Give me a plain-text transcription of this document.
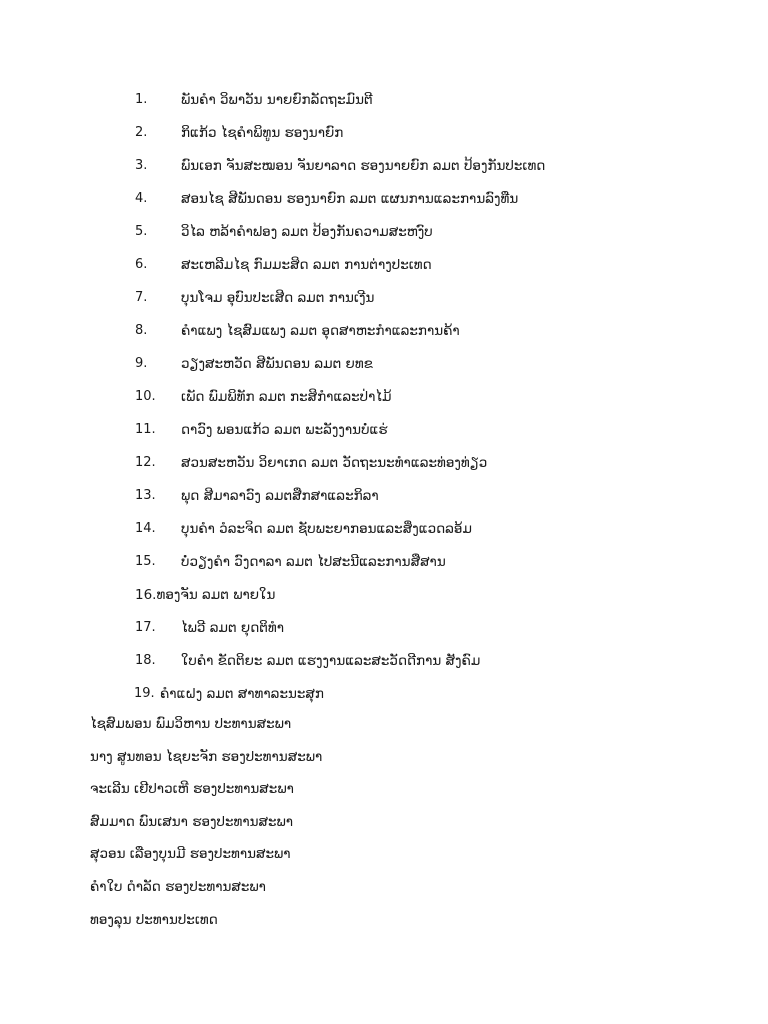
1. ພັນຄຳ ວິພາວັນ ນາຍຍົກລັດຖະມົນຕີ
2. ກິແກ້ວ ໄຊຄໍາພິທູນ ຮອງນາຍົກ
3. ພົນເອກ ຈັນສະໝອນ ຈັນຍາລາດ ຮອງນາຍຍົກ ລມຕ ປ້ອງກັນປະເທດ
4. ສອນໄຊ ສີພັນດອນ ຮອງນາຍົກ ລມຕ ແຜນການແລະການລົງທືນ
5. ວິໄລ ຫລ້າຄໍາຟອງ ລມຕ ປ້ອງກັນຄວາມສະຫງົບ
6. ສະເຫລີມໄຊ ກົມມະສິດ ລມຕ ການຕ່າງປະເທດ
7. ບຸນໂຈມ ອຸບົນປະເສີດ ລມຕ ການເງີນ
8. ຄໍາແພງ ໄຊສົມແພງ ລມຕ ອຸດສາຫະກໍາແລະການຄ້າ
9. ວຽງສະຫວັດ ສີພັນດອນ ລມຕ ຍທຂ
10. ເພັດ ພົມພິທັກ ລມຕ ກະສິກໍາແລະປ່າໄມ້
11. ດາວົງ ພອນແກ້ວ ລມຕ ພະລັງງານບໍ່ແຮ່
12. ສວນສະຫວັນ ວິຍາເກດ ລມຕ ວັດຖະນະທໍາແລະທ່ອງທ່ຽວ
13. ພຸດ ສີມາລາວົງ ລມຕສືກສາແລະກິລາ
14. ບຸນຄໍາ ວໍລະຈິດ ລມຕ ຊັບພະຍາກອນແລະສິ່ງແວດລອ້ມ
15. ບໍ່ວຽງຄໍາ ວົງດາລາ ລມຕ ໄປສະນີແລະການສືສານ
16.ທອງຈັນ ລມຕ ພາຍໃນ
17. ໄພວີ ລມຕ ຍຸດຕິທໍາ
18. ໃບຄໍາ ຂັດຕິຍະ ລມຕ ແຮງງານແລະສະວັດດີການ ສັງຄົມ
19. ຄໍາແຝງ ລມຕ ສາທາລະນະສຸກ
ໄຊສົມພອນ ພົມວິຫານ ປະທານສະພາ
ນາງ ສູນທອນ ໄຊຍະຈັກ ຮອງປະທານສະພາ
ຈະເລີນ ເຢີປາວເຫີ ຮອງປະທານສະພາ
ສົມມາດ ພົນເສນາ ຮອງປະທານສະພາ
ສຸວອນ ເລືອງບຸນມີ ຮອງປະທານສະພາ
ຄໍາໃບ ດໍາລັດ ຮອງປະທານສະພາ
ທອງລຸນ ປະທານປະເທດ
